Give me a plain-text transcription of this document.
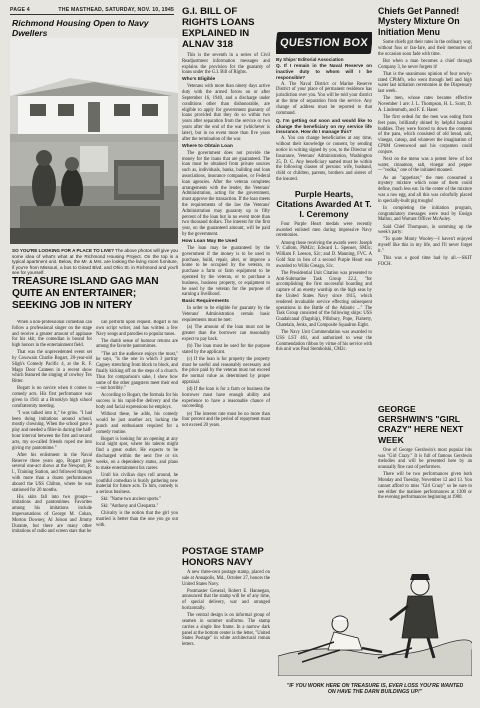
PAGE 4	THE MASTHEAD, SATURDAY, NOV. 10, 1945
Richmond Housing Open to Navy Dwellers
SO YOU'RE LOOKING FOR A PLACE TO LIVE? The above photos will give you some idea of what's what at the Richmond Housing Project. On the top is a typical apartment unit. Below, the Mr. & Mrs. are looking the living room furniture, if you're from Missouri, a bus to Girard Blvd. and Ohio St. in Richmond and you'll see for yourself.
TREASURE ISLAND GAG MAN QUITE AN ENTERTAINER; SEEKING JOB IN NITERY

When a non-professional comedian can follow a professional singer on the stage and receive a greater amount of applause for his skit, the comedian is bound for high honors in the entertainment field.

That was the unprecedented event set by Coxswain Charlie Bogart, 28-year-old Sligh's Comedy Pacific 4, at the R. F. Mago Door Canteen in a recent show which featured the singing of cowboy Tex Ritter.

Bogart is no novice when it comes to comedy acts. His first performance was given in 1941 at a Brooklyn high school comfraternity meeting.

"I was talked into it," he grins. "I had been doing imitations around school, mostly clowning. When the school gave a play and needed a filler-in during the half-hour interval between the first and second acts, my so-called friends roped me into giving my pantomime."

After his enlistment in the Naval Reserve three years ago, Bogart gave several one-act shows at the Newport, R. I., Training Station, and followed through with more than a dozen performances aboard the USS Chilton, where he was stationed for 20 months.

His skits fall into two groups—imitations and pantomimes. Favorites among his imitations include impersonations of George M. Cohan, Morton Downey, Al Jolson and Jimmy Durante, but there are many other imitations of radio and screen stars that he

can perform upon request. Bogart is his own script writer, and has written a few Navy songs and parodies to popular tunes.

The dumb sense of humour returns are among the favorite pantomimes.

"The act the audience enjoys the most," he says, "is the one in which I portray Cagney stretching from block to block, and finally kicking off on the steps of a church. Thus for comparison's sake, I show how some of the other gangsters meet their end —not horribly."

According to Bogart, the formula for his success is his rapid-fire delivery and the body and facial expressions he employs.

Without these, he adds, his comedy would be just another act, lacking the punch and enthusiasm required for a comedy routine.

Bogart is looking for an opening at any local night spot, where his talents might find a great outlet. He expects to be discharged within the next five or six weeks, on a dependency status, and plans to make entertainment his career.

Until his civilian days roll around, he youthful comedian is busily gathering new material for future acts. To him, comedy is a serious business.

Ski: "Name two ancient sports."

Ski: "Anthony and Cleopatra."

Chivalry is the notion that the girl you married is better than the one you go out with.

G.I. BILL OF RIGHTS LOANS EXPLAINED IN ALNAV 318

This is the seventh in a series of Civil Readjustment information messages and explains the provision for the guaranty of loans under the G.I. Bill of Rights.

Who's Eligible

Veterans with more than ninety days active duty with the armed forces on or after September 16, 1940, and a discharge under conditions other than dishonorable, are eligible to apply for government guaranty of loans provided that they do so within two years after separation from the service or two years after the end of the war (whichever is later), but in no event more than five years after the termination of the war.

Where to Obtain Loan

The government does not provide the money for the loans that are guaranteed. The loan must be obtained from private sources such as, individuals, banks, building and loan associations, insurance companies, or Federal loan agencies. After the veteran completes arrangements with the lender, the Veterans' Administration, acting for the government, must approve the transaction. If the loan meets the requirements of the law the Veterans' Administration may guaranty up to fifty percent of the loan but in no event more than two thousand dollars. The interest for the first year, on the guaranteed amount, will be paid by the government.

How Loan May Be Used

The loan may be guaranteed by the government if the money is to be used to purchase, build, repair, alter, or improve a home to be occupied by the veteran, to purchase a farm or farm equipment to be operated by the veteran, or to purchase a business, business property, or equipment to be used by the veteran for the purpose of earning a livelihood.

Basic Requirements

In order to be eligible for guaranty by the Veterans' Administration certain basic requirements must be met:

(a) The amount of the loan must not be greater than the borrower can reasonably expect to pay back.

(b) The loan must be used for the purpose stated by the applicant.

(c) If the loan is for property the property must be useful and reasonably necessary and the price paid by the veteran must not exceed the normal value as determined by proper appraisal.

(d) If the loan is for a farm or business the borrower must have enough ability and experience to have a reasonable chance of succeeding.

(e) The interest rate must be no more than four percent and the period of repayment must not exceed 20 years.

QUESTION BOX
By Ships' Editorial Association

Q. If I remain in the Naval Reserve on inactive duty to whom will I be responsible?

A. The Naval District or Marine Reserve District of your place of permanent residence has jurisdiction over you. You will be told your district at the time of separation from the service. Any change of address must be reported to that command.

Q. I'm getting out soon and would like to change the beneficiary on my service life insurance. How do I manage this?

A. You can change beneficiaries at any time, without their knowledge or consent, by sending notice in writing signed by you, to the Director of Insurance, Veterans' Administration, Washington 25, D. C. Any beneficiary named must be within the following classes of persons: wife, husband, child or children, parents, brothers and sisters of the insured.

Purple Hearts, Citations Awarded At T. I. Ceremony

Four Purple Heart medals were recently awarded enlisted men during impressive Navy ceremonies.

Among those receiving the awards were: Joseph V. Cullom, PhM2c; Edward L. Spenser, SM3c; William F. Leeson, S2c; and D. Manning, FVC. A Gold Star in lieu of a second Purple Heart was awarded to Willis Greaga, S1c.

The Presidential Unit Citation was presented to Anti-Submarine Task Group 22.2, "for accomplishing the first successful boarding and capture of an enemy warship on the high seas by the United States Navy since 1815, which rendered invaluable service effecting subsequent operations in the Battle of the Atlantic ..." The Task Group consisted of the following ships: USS Guadalcanal (flagship), Pillsbury, Pope, Flaherty, Chatelain, Jenks, and Composite Squadron Eight.

The Navy Unit Commendation was awarded to USS LST 461, and authorized to wear the Commendation ribbon by virtue of his service with this unit was Paul Stembolski, CM2c.

POSTAGE STAMP HONORS NAVY

A new three-cent postage stamp, placed on sale at Annapolis, Md., October 27, honors the United States Navy.

Postmaster General, Robert E. Hannegan, announced that the stamp will be of any time, of special delivery, war and arranged horizontally.

The central design is on informal group of seamen in summer uniforms. The stamp carries a single line frame. In a narrow dark panel at the bottom center is the letter, "United States Postage" in white architectural roman letters.

Chiefs Get Panned! Mystery Mixture On Initiation Menu

Some chiefs got their rates in the ordinary way, without fuss or fan-fare, and their memories of the occasion soon fade with time.

But when a man becomes a chief through Company 3, he never forgets it!

That is the unanimous opinion of four newly-rated CPhM's, who went through hell and high water last initiation ceremonies in the Dispensary last week.

The men, whose rates became effective November 1 are: J. L. Thompson, H. L. Scott, D. A. Lindenmuth, and F. E. Haser.

The first ordeal for the men was eating from feet pans, brilliantly shined by helpful hospital buddies. They were forced to down the contents of the pans, which consisted of old bread, salt, vinegar, catsup, and whatever the imagination of CPhM Greenwood and his corpsmen could conjure.

Next on the menu was a potent brew of hot water, cinnamon, salt, vinegar and pepper—"vodka," one of the initiated moaned.

As an "appetizer," the men consumed a mystery mixture which none of them could define, much less eat. In the center of the mixture was a raw egg, and all this was colorfully placed in specially-built pig troughs!

In completing the initiation program, congratulatory messages were read by Ensign Mallon, and Warrant Officer McAuley.

Said Chief Thompson, in summing up the week's party:

"To quote Monty Wooley—I haven't enjoyed myself like this in my life, and I'll never forget it."

This was a good time had by all.—SKIT FOCH.

GEORGE GERSHWIN'S "GIRL CRAZY" HERE NEXT WEEK

One of George Gershwin's most popular hits was "Girl Crazy." It is full of famous Gershwin melodies and will be presented here by an unusually fine cast of performers.

There will be two performances given both Monday and Tuesday, November 12 and 13. You cannot afford to miss "Girl Crazy" so be sure to see either the matinee performances at 1300 or the evening performances beginning at 1900.

"IF YOU WORK HERE ON TREASURE IS, EVER LOSS YOU'RE WANTED ON HAVE THE DARN BUILDINGS UP!"
